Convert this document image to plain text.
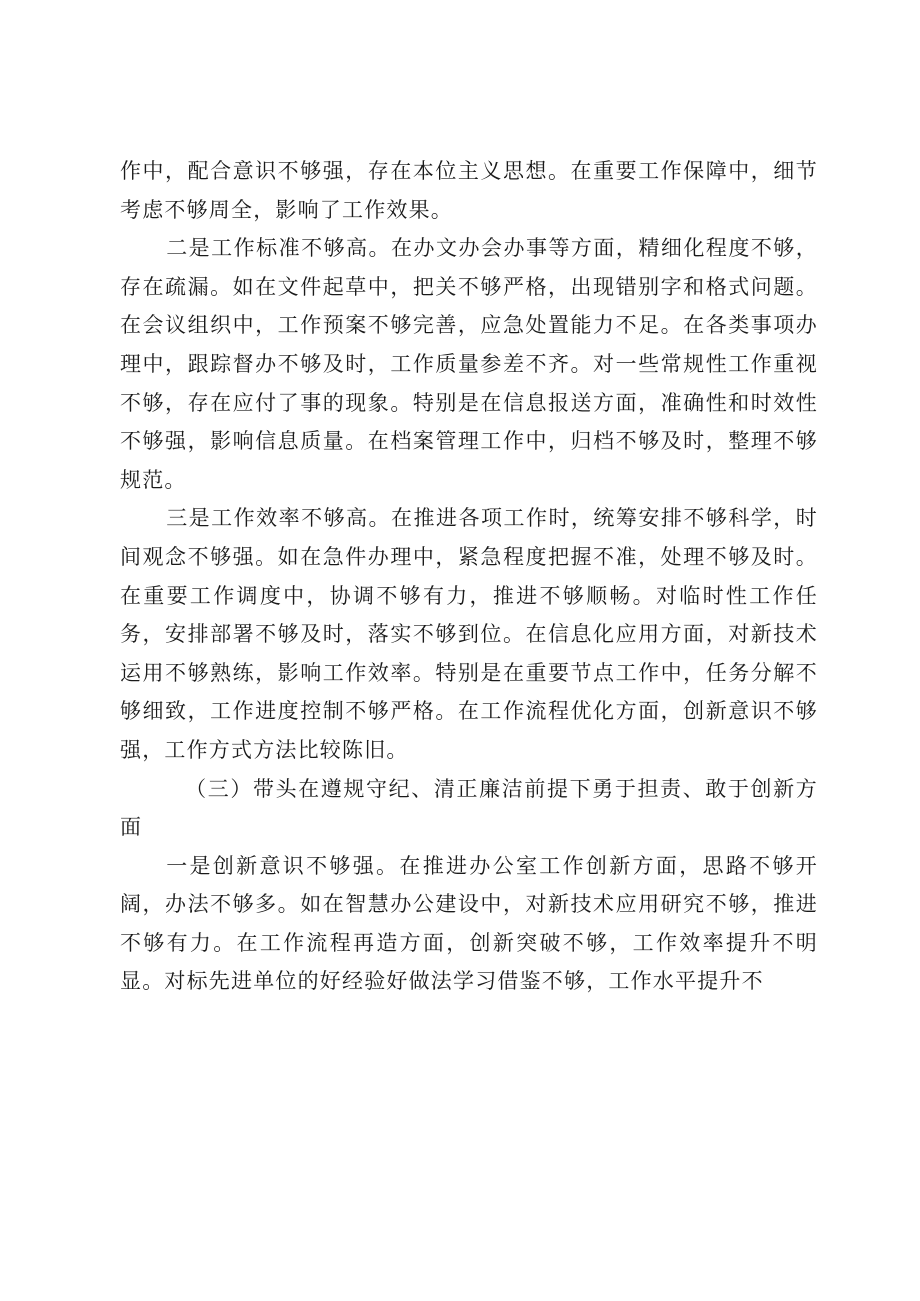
作中，配合意识不够强，存在本位主义思想。在重要工作保障中，细节考虑不够周全，影响了工作效果。

二是工作标准不够高。在办文办会办事等方面，精细化程度不够，存在疏漏。如在文件起草中，把关不够严格，出现错别字和格式问题。在会议组织中，工作预案不够完善，应急处置能力不足。在各类事项办理中，跟踪督办不够及时，工作质量参差不齐。对一些常规性工作重视不够，存在应付了事的现象。特别是在信息报送方面，准确性和时效性不够强，影响信息质量。在档案管理工作中，归档不够及时，整理不够规范。

三是工作效率不够高。在推进各项工作时，统筹安排不够科学，时间观念不够强。如在急件办理中，紧急程度把握不准，处理不够及时。在重要工作调度中，协调不够有力，推进不够顺畅。对临时性工作任务，安排部署不够及时，落实不够到位。在信息化应用方面，对新技术运用不够熟练，影响工作效率。特别是在重要节点工作中，任务分解不够细致，工作进度控制不够严格。在工作流程优化方面，创新意识不够强，工作方式方法比较陈旧。

（三）带头在遵规守纪、清正廉洁前提下勇于担责、敢于创新方面

一是创新意识不够强。在推进办公室工作创新方面，思路不够开阔，办法不够多。如在智慧办公建设中，对新技术应用研究不够，推进不够有力。在工作流程再造方面，创新突破不够，工作效率提升不明显。对标先进单位的好经验好做法学习借鉴不够，工作水平提升不
